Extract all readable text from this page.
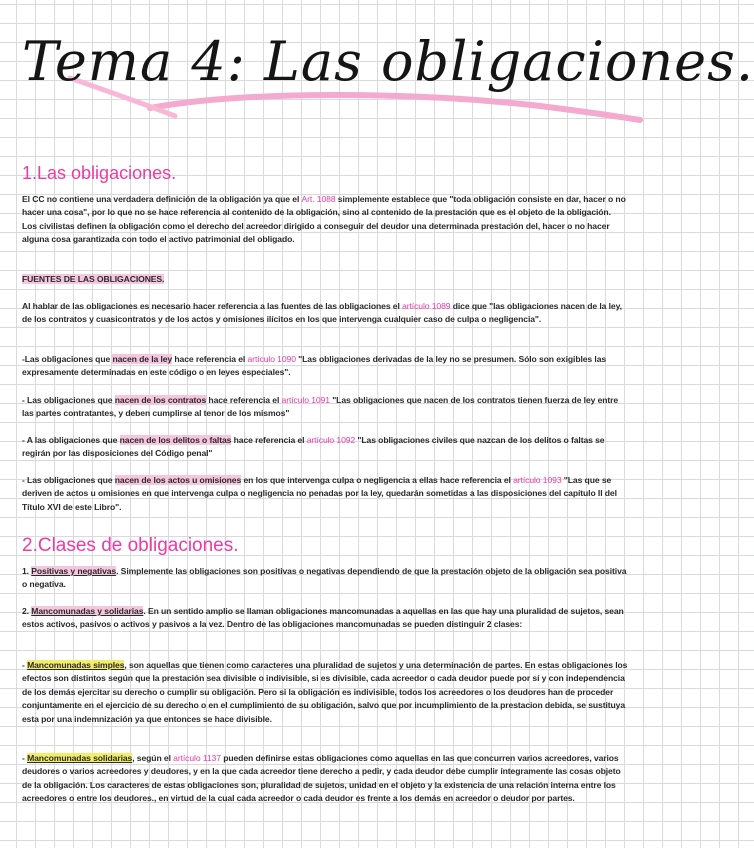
Tema 4: Las obligaciones.
1.Las obligaciones.

El CC no contiene una verdadera definición de la obligación ya que el Art. 1088 simplemente establece que "toda obligación consiste en dar, hacer o no hacer una cosa", por lo que no se hace referencia al contenido de la obligación, sino al contenido de la prestación que es el objeto de la obligación.
Los civilistas definen la obligación como el derecho del acreedor dirigido a conseguir del deudor una determinada prestación del, hacer o no hacer alguna cosa garantizada con todo el activo patrimonial del obligado.

FUENTES DE LAS OBLIGACIONES.

Al hablar de las obligaciones es necesario hacer referencia a las fuentes de las obligaciones el artículo 1089 dice que "las obligaciones nacen de la ley, de los contratos y cuasicontratos y de los actos y omisiones ilícitos en los que intervenga cualquier caso de culpa o negligencia".

-Las obligaciones que nacen de la ley hace referencia el artículo 1090 "Las obligaciones derivadas de la ley no se presumen. Sólo son exigibles las expresamente determinadas en este código o en leyes especiales".

- Las obligaciones que nacen de los contratos hace referencia el artículo 1091 "Las obligaciones que nacen de los contratos tienen fuerza de ley entre las partes contratantes, y deben cumplirse al tenor de los mismos"

- A las obligaciones que nacen de los delitos o faltas hace referencia el artículo 1092 "Las obligaciones civiles que nazcan de los delitos o faltas se regirán por las disposiciones del Código penal"

- Las obligaciones que nacen de los actos u omisiones en los que intervenga culpa o negligencia a ellas hace referencia el artículo 1093 "Las que se deriven de actos u omisiones en que intervenga culpa o negligencia no penadas por la ley, quedarán sometidas a las disposiciones del capítulo II del Título XVI de este Libro".

2.Clases de obligaciones.

1. Positivas y negativas. Simplemente las obligaciones son positivas o negativas dependiendo de que la prestación objeto de la obligación sea positiva o negativa.

2. Mancomunadas y solidarias. En un sentido amplio se llaman obligaciones mancomunadas a aquellas en las que hay una pluralidad de sujetos, sean estos activos, pasivos o activos y pasivos a la vez. Dentro de las obligaciones mancomunadas se pueden distinguir 2 clases:

- Mancomunadas simples, son aquellas que tienen como caracteres una pluralidad de sujetos y una determinación de partes. En estas obligaciones los efectos son distintos según que la prestación sea divisible o indivisible, si es divisible, cada acreedor o cada deudor puede por sí y con independencia de los demás ejercitar su derecho o cumplir su obligación. Pero si la obligación es indivisible, todos los acreedores o los deudores han de proceder conjuntamente en el ejercicio de su derecho o en el cumplimiento de su obligación, salvo que por incumplimiento de la prestacion debida, se sustituya esta por una indemnización ya que entonces se hace divisible.

- Mancomunadas solidarias, según el artículo 1137 pueden definirse estas obligaciones como aquellas en las que concurren varios acreedores, varios deudores o varios acreedores y deudores, y en la que cada acreedor tiene derecho a pedir, y cada deudor debe cumplir íntegramente las cosas objeto de la obligación. Los caracteres de estas obligaciones son, pluralidad de sujetos, unidad en el objeto y la existencia de una relación interna entre los acreedores o entre los deudores., en virtud de la cual cada acreedor o cada deudor es frente a los demás en acreedor o deudor por partes.
